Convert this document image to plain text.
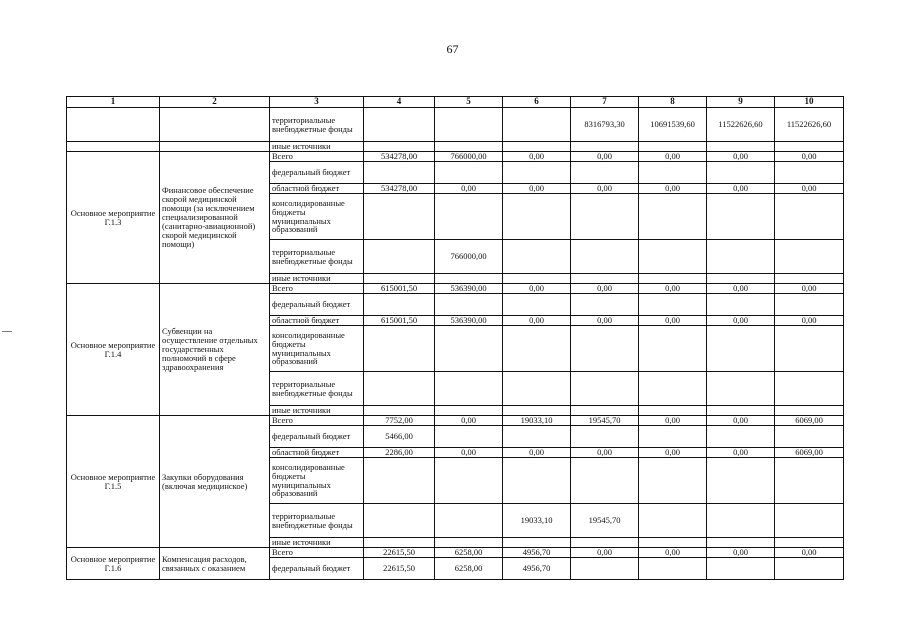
67
1	2	3	4	5	6	7	8	9	10
		территориальные внебюджетные фонды				8316793,30	10691539,60	11522626,60	11522626,60
		иные источники							
Основное мероприятие Г.1.3	Финансовое обеспечение скорой медицинской помощи (за исключением специализированной (санитарно-авиационной) скорой медицинской помощи)	Всего	534278,00	766000,00	0,00	0,00	0,00	0,00	0,00
		федеральный бюджет							
		областной бюджет	534278,00	0,00	0,00	0,00	0,00	0,00	0,00
		консолидированные бюджеты муниципальных образований							
		территориальные внебюджетные фонды		766000,00					
		иные источники							
Основное мероприятие Г.1.4	Субвенции на осуществление отдельных государственных полномочий в сфере здравоохранения	Всего	615001,50	536390,00	0,00	0,00	0,00	0,00	0,00
		федеральный бюджет							
		областной бюджет	615001,50	536390,00	0,00	0,00	0,00	0,00	0,00
		консолидированные бюджеты муниципальных образований							
		территориальные внебюджетные фонды							
		иные источники							
Основное мероприятие Г.1.5	Закупки оборудования (включая медицинское)	Всего	7752,00	0,00	19033,10	19545,70	0,00	0,00	6069,00
		федеральный бюджет	5466,00						
		областной бюджет	2286,00	0,00	0,00	0,00	0,00	0,00	6069,00
		консолидированные бюджеты муниципальных образований							
		территориальные внебюджетные фонды			19033,10	19545,70			
		иные источники							
Основное мероприятие Г.1.6	Компенсация расходов, связанных с оказанием	Всего	22615,50	6258,00	4956,70	0,00	0,00	0,00	0,00
		федеральный бюджет	22615,50	6258,00	4956,70				
